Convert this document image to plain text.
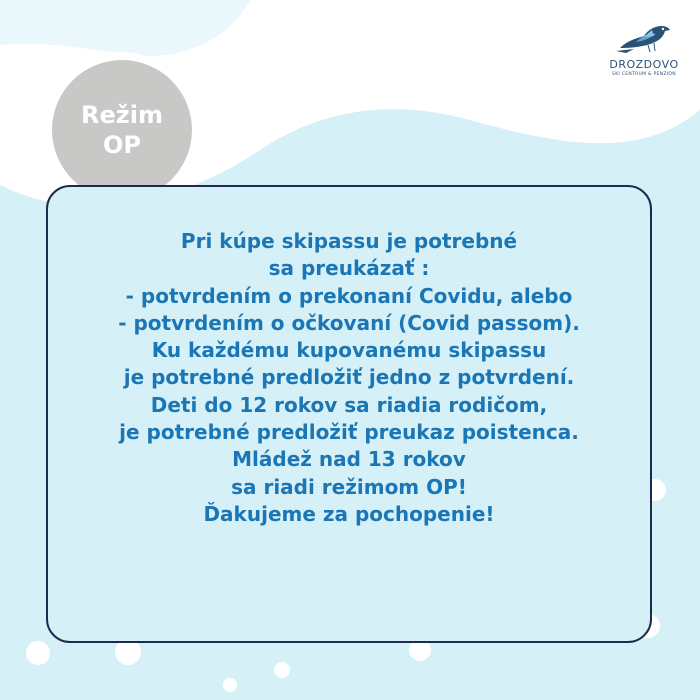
Režim
OP
DROZDOVO
SKI CENTRUM & PENZIÓN
Pri kúpe skipassu je potrebné
sa preukázať :
- potvrdením o prekonaní Covidu, alebo
- potvrdením o očkovaní (Covid passom).
Ku každému kupovanému skipassu
je potrebné predložiť jedno z potvrdení.
Deti do 12 rokov sa riadia rodičom,
je potrebné predložiť preukaz poistenca.
Mládež nad 13 rokov
sa riadi režimom OP!
Ďakujeme za pochopenie!
